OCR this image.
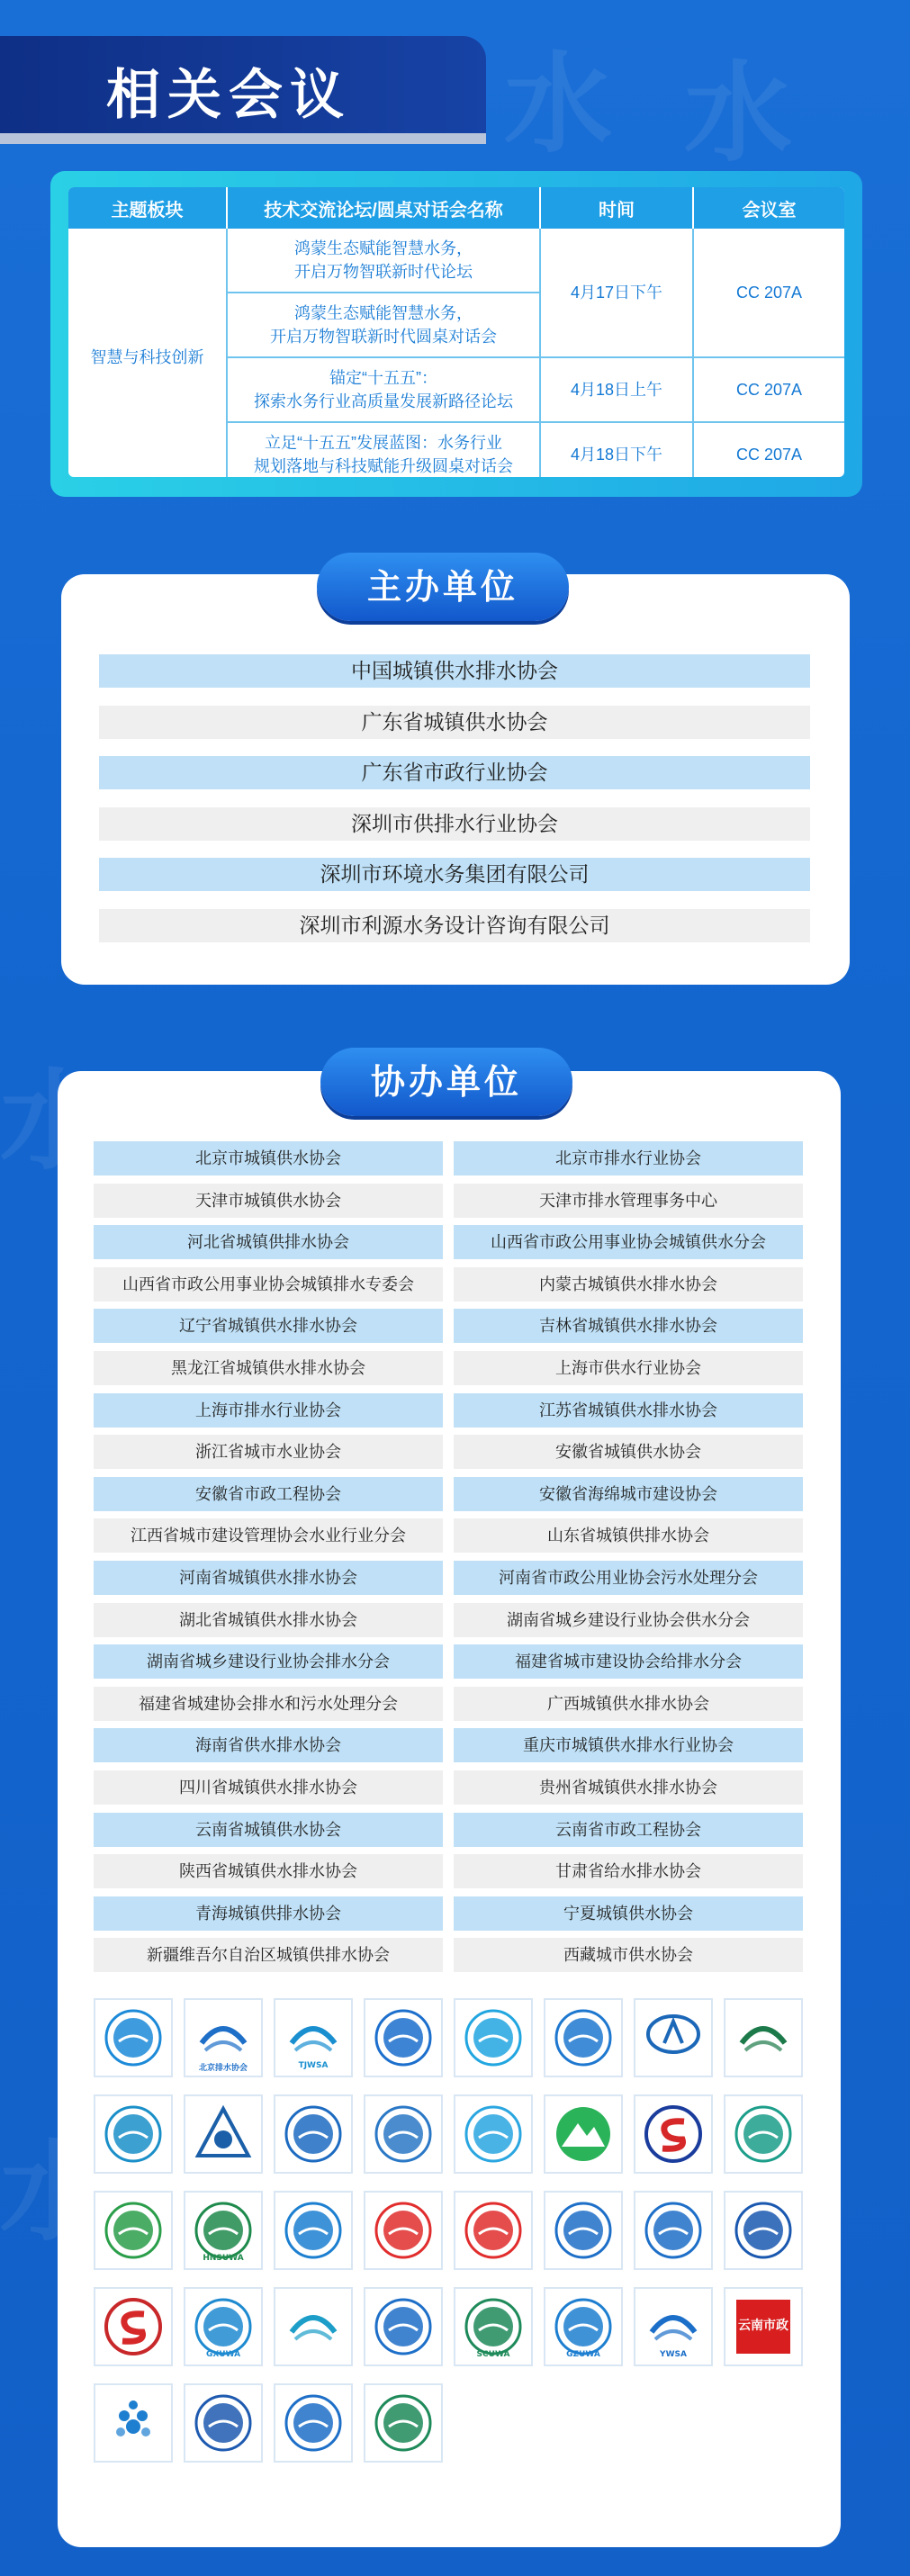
水 水
水
水
相关会议
主题板块	技术交流论坛/圆桌对话会名称	时间	会议室
智慧与科技创新	鸿蒙生态赋能智慧水务，
开启万物智联新时代论坛	4月17日下午	CC 207A

	鸿蒙生态赋能智慧水务，
开启万物智联新时代圆桌对话会		

	锚定“十五五”：
探索水务行业高质量发展新路径论坛	4月18日上午	CC 207A

	立足“十五五”发展蓝图：水务行业
规划落地与科技赋能升级圆桌对话会	4月18日下午	CC 207A
主办单位
中国城镇供水排水协会
广东省城镇供水协会
广东省市政行业协会
深圳市供排水行业协会
深圳市环境水务集团有限公司
深圳市利源水务设计咨询有限公司
协办单位
北京市城镇供水协会	北京市排水行业协会
天津市城镇供水协会	天津市排水管理事务中心
河北省城镇供排水协会	山西省市政公用事业协会城镇供水分会
山西省市政公用事业协会城镇排水专委会	内蒙古城镇供水排水协会
辽宁省城镇供水排水协会	吉林省城镇供水排水协会
黑龙江省城镇供水排水协会	上海市供水行业协会
上海市排水行业协会	江苏省城镇供水排水协会
浙江省城市水业协会	安徽省城镇供水协会
安徽省市政工程协会	安徽省海绵城市建设协会
江西省城市建设管理协会水业行业分会	山东省城镇供排水协会
河南省城镇供水排水协会	河南省市政公用业协会污水处理分会
湖北省城镇供水排水协会	湖南省城乡建设行业协会供水分会
湖南省城乡建设行业协会排水分会	福建省城市建设协会给排水分会
福建省城建协会排水和污水处理分会	广西城镇供水排水协会
海南省供水排水协会	重庆市城镇供水排水行业协会
四川省城镇供水排水协会	贵州省城镇供水排水协会
云南省城镇供水协会	云南省市政工程协会
陕西省城镇供水排水协会	甘肃省给水排水协会
青海城镇供排水协会	宁夏城镇供水协会
新疆维吾尔自治区城镇供排水协会	西藏城市供水协会
北京排水协会	TJWSA
HNSUWA
GXUWA	SCUWA	GZUWA	YWSA
云南市政
